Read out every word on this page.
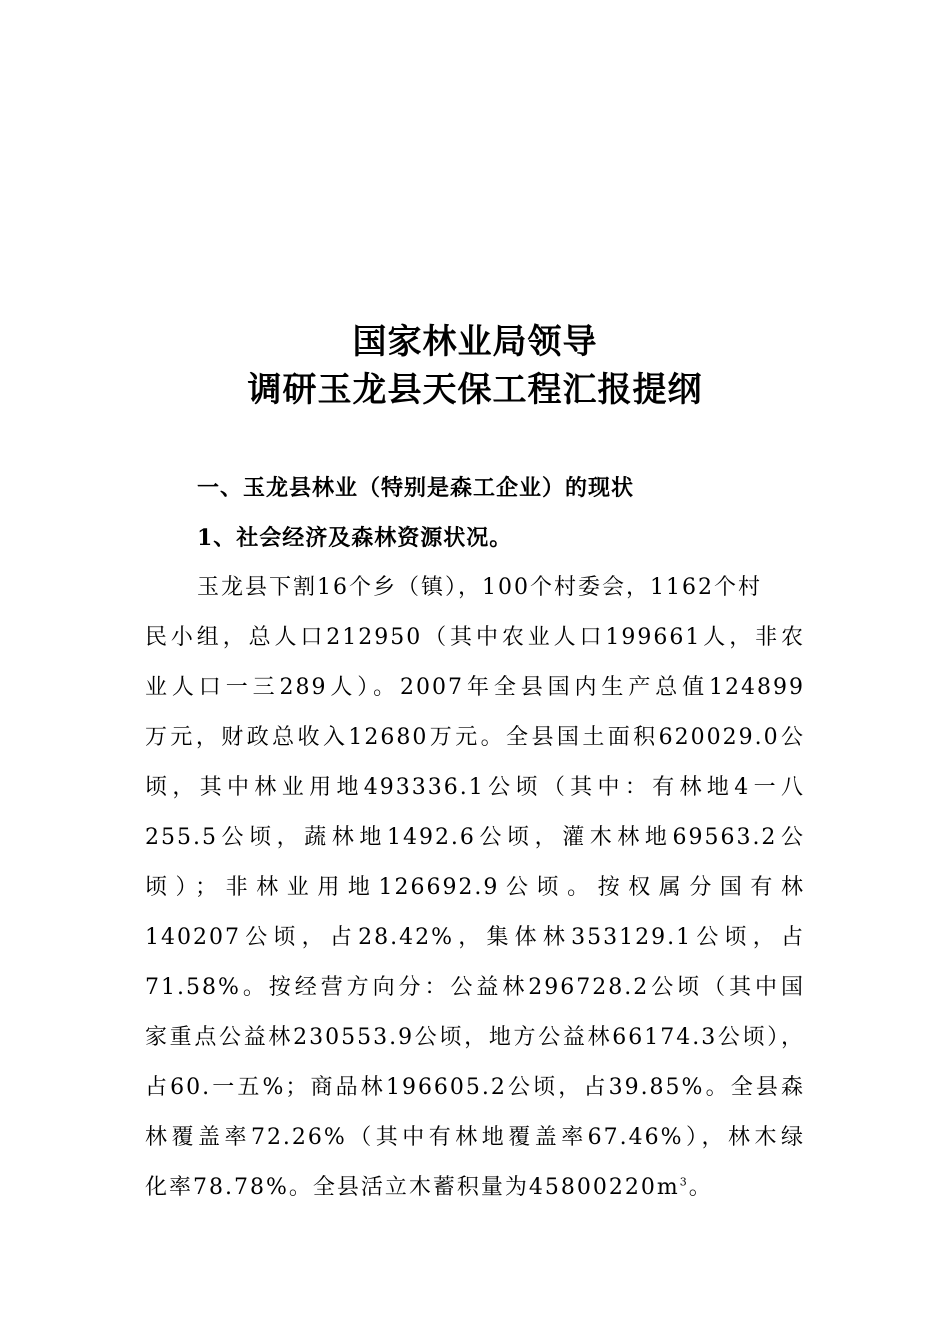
国家林业局领导
调研玉龙县天保工程汇报提纲
一、玉龙县林业（特别是森工企业）的现状
1、社会经济及森林资源状况。
玉龙县下割16个乡（镇），100个村委会，1162个村
民小组，总人口212950（其中农业人口199661人，非农
业人口一三289人）。2007年全县国内生产总值124899
万元，财政总收入12680万元。全县国土面积620029.0公
顷，其中林业用地493336.1公顷（其中：有林地4一八
255.5公顷，蔬林地1492.6公顷，灌木林地69563.2公
顷）；非林业用地126692.9公顷。按权属分国有林
140207公顷，占28.42%，集体林353129.1公顷，占
71.58%。按经营方向分：公益林296728.2公顷（其中国
家重点公益林230553.9公顷，地方公益林66174.3公顷），
占60.一五%；商品林196605.2公顷，占39.85%。全县森
林覆盖率72.26%（其中有林地覆盖率67.46%），林木绿
化率78.78%。全县活立木蓄积量为$45800220m^3$。
